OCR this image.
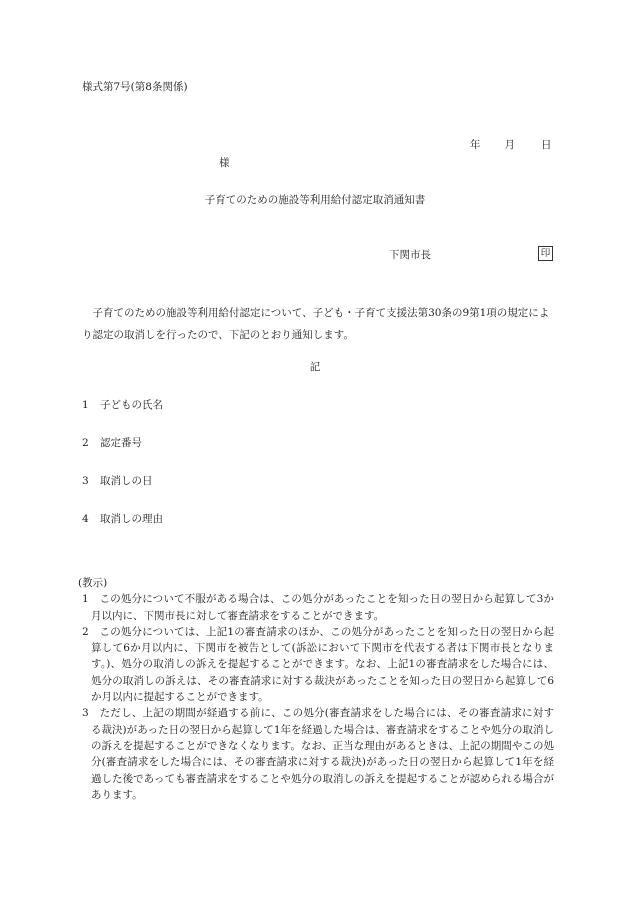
様式第7号(第8条関係)
年 月 日
様
子育てのための施設等利用給付認定取消通知書
下関市長	印

　子育てのための施設等利用給付認定について、子ども・子育て支援法第30条の9第1項の規定により認定の取消しを行ったので、下記のとおり通知します。

記
1 子どもの氏名
2 認定番号
3 取消しの日
4 取消しの理由

(教示)

1　 この処分について不服がある場合は、この処分があったことを知った日の翌日から起算して3か月以内に、下関市長に対して審査請求をすることができます。

2　 この処分については、上記1の審査請求のほか、この処分があったことを知った日の翌日から起算して6か月以内に、下関市を被告として(訴訟において下関市を代表する者は下関市長となります。)、処分の取消しの訴えを提起することができます。なお、上記1の審査請求をした場合には、処分の取消しの訴えは、その審査請求に対する裁決があったことを知った日の翌日から起算して6か月以内に提起することができます。

3　 ただし、上記の期間が経過する前に、この処分(審査請求をした場合には、その審査請求に対する裁決)があった日の翌日から起算して1年を経過した場合は、審査請求をすることや処分の取消しの訴えを提起することができなくなります。なお、正当な理由があるときは、上記の期間やこの処分(審査請求をした場合には、その審査請求に対する裁決)があった日の翌日から起算して1年を経過した後であっても審査請求をすることや処分の取消しの訴えを提起することが認められる場合があります。
